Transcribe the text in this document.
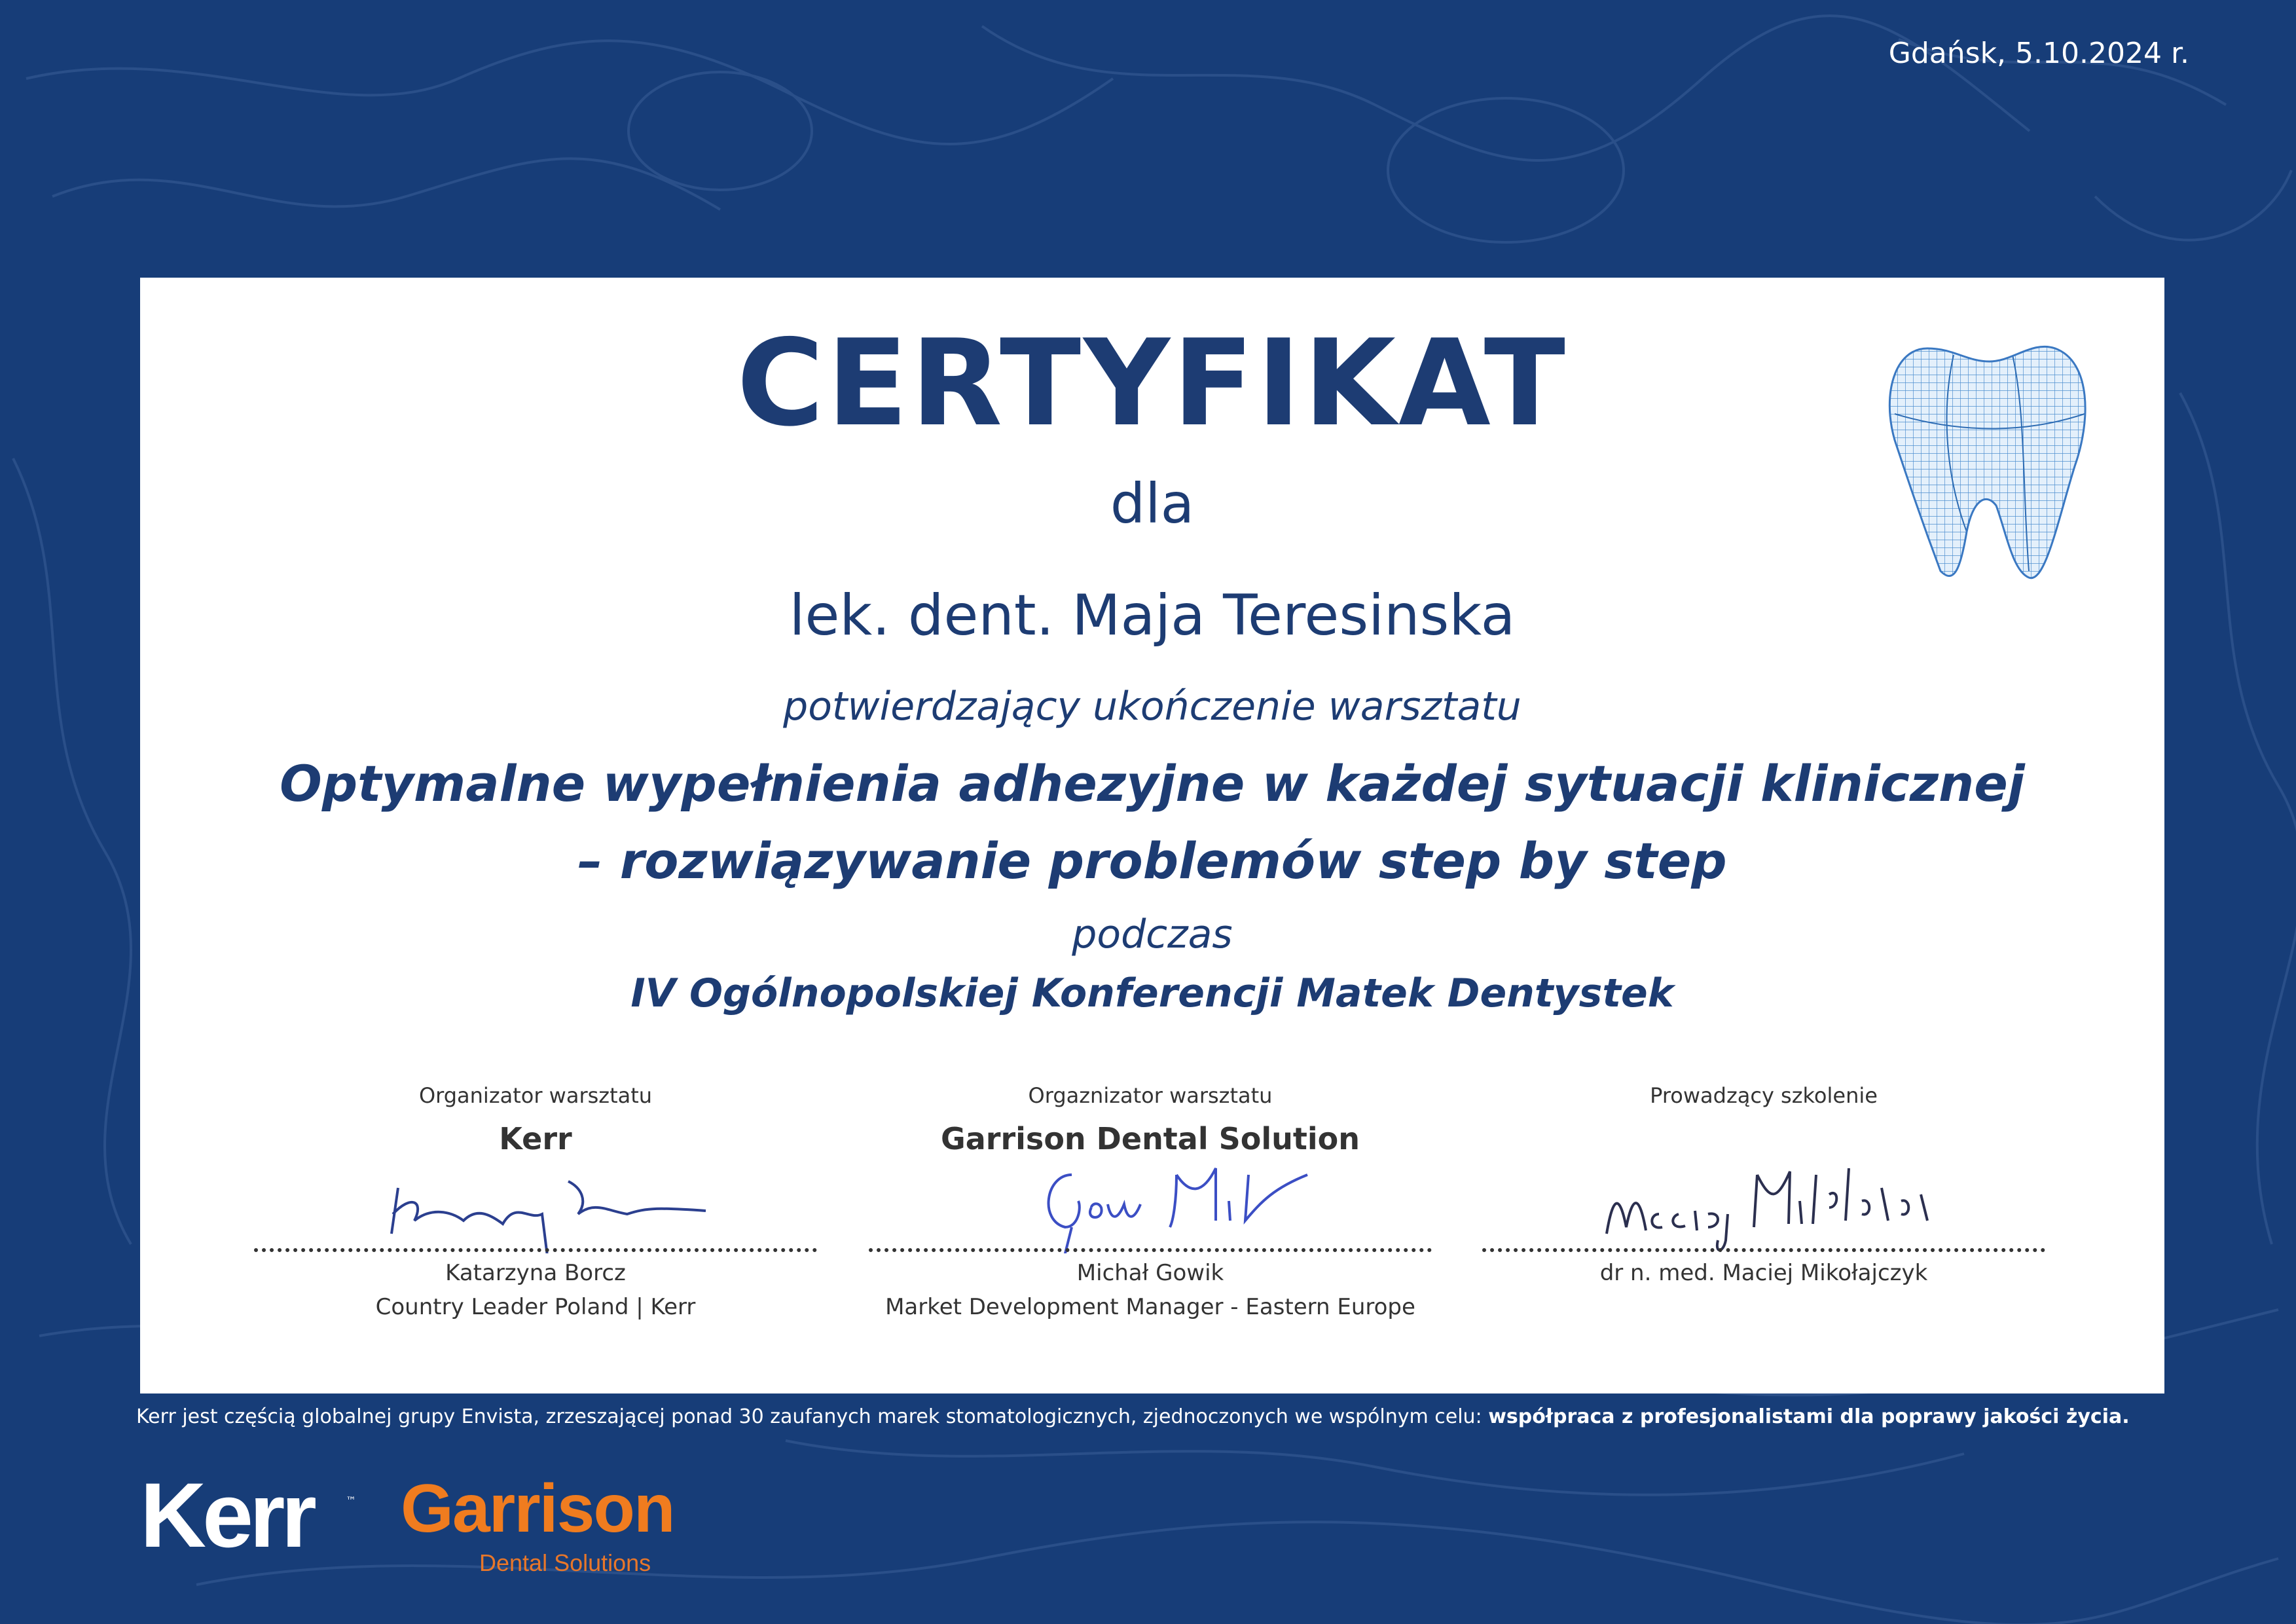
Gdańsk, 5.10.2024 r.
CERTYFIKAT
dla
lek. dent. Maja Teresinska
potwierdzający ukończenie warsztatu
Optymalne wypełnienia adhezyjne w każdej sytuacji klinicznej
– rozwiązywanie problemów step by step
podczas
IV Ogólnopolskiej Konferencji Matek Dentystek
Organizator warsztatu
Kerr
Katarzyna Borcz
Country Leader Poland | Kerr
Orgaznizator warsztatu
Garrison Dental Solution
Michał Gowik
Market Development Manager - Eastern Europe
Prowadzący szkolenie
dr n. med. Maciej Mikołajczyk
Kerr jest częścią globalnej grupy Envista, zrzeszającej ponad 30 zaufanych marek stomatologicznych, zjednoczonych we wspólnym celu: współpraca z profesjonalistami dla poprawy jakości życia.
Kerr	™ Garrison
Dental Solutions
